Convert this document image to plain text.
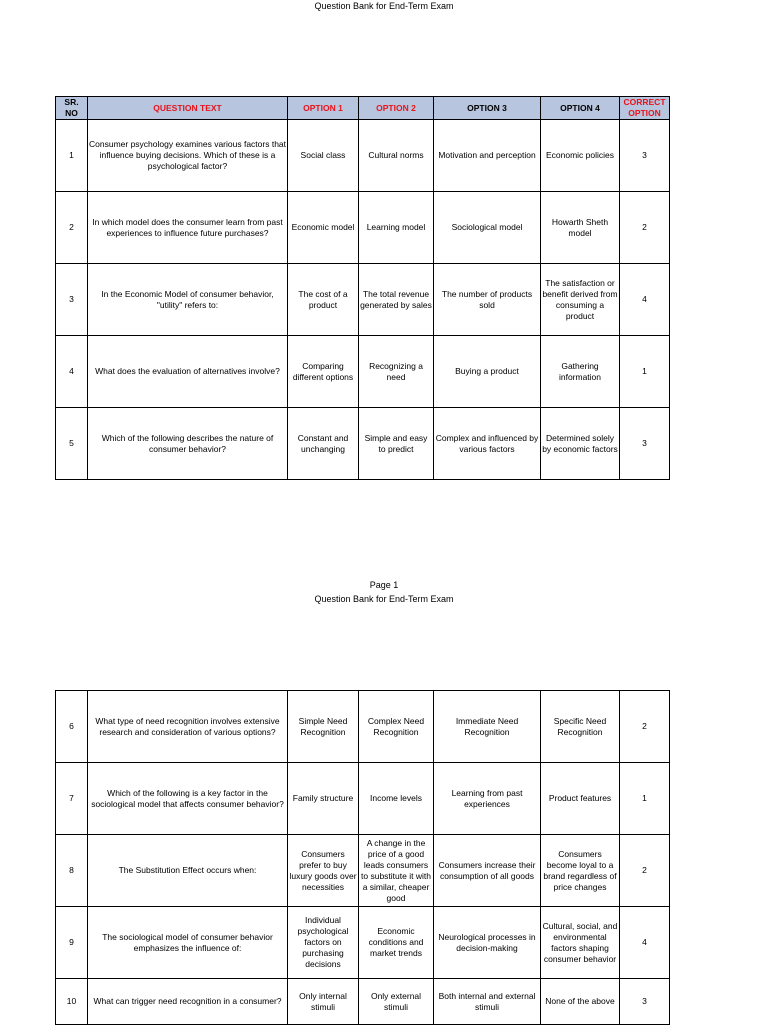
Question Bank for End-Term Exam
SR. NO	QUESTION TEXT	OPTION 1	OPTION 2	OPTION 3	OPTION 4	CORRECT OPTION
1	Consumer psychology examines various factors that influence buying decisions. Which of these is a psychological factor?	Social class	Cultural norms	Motivation and perception	Economic policies	3
2	In which model does the consumer learn from past experiences to influence future purchases?	Economic model	Learning model	Sociological model	Howarth Sheth model	2
3	In the Economic Model of consumer behavior, "utility" refers to:	The cost of a product	The total revenue generated by sales	The number of products sold	The satisfaction or benefit derived from consuming a product	4
4	What does the evaluation of alternatives involve?	Comparing different options	Recognizing a need	Buying a product	Gathering information	1
5	Which of the following describes the nature of consumer behavior?	Constant and unchanging	Simple and easy to predict	Complex and influenced by various factors	Determined solely by economic factors	3
Page 1
Question Bank for End-Term Exam
6	What type of need recognition involves extensive research and consideration of various options?	Simple Need Recognition	Complex Need Recognition	Immediate Need Recognition	Specific Need Recognition	2
7	Which of the following is a key factor in the sociological model that affects consumer behavior?	Family structure	Income levels	Learning from past experiences	Product features	1
8	The Substitution Effect occurs when:	Consumers prefer to buy luxury goods over necessities	A change in the price of a good leads consumers to substitute it with a similar, cheaper good	Consumers increase their consumption of all goods	Consumers become loyal to a brand regardless of price changes	2
9	The sociological model of consumer behavior emphasizes the influence of:	Individual psychological factors on purchasing decisions	Economic conditions and market trends	Neurological processes in decision-making	Cultural, social, and environmental factors shaping consumer behavior	4
10	What can trigger need recognition in a consumer?	Only internal stimuli	Only external stimuli	Both internal and external stimuli	None of the above	3
